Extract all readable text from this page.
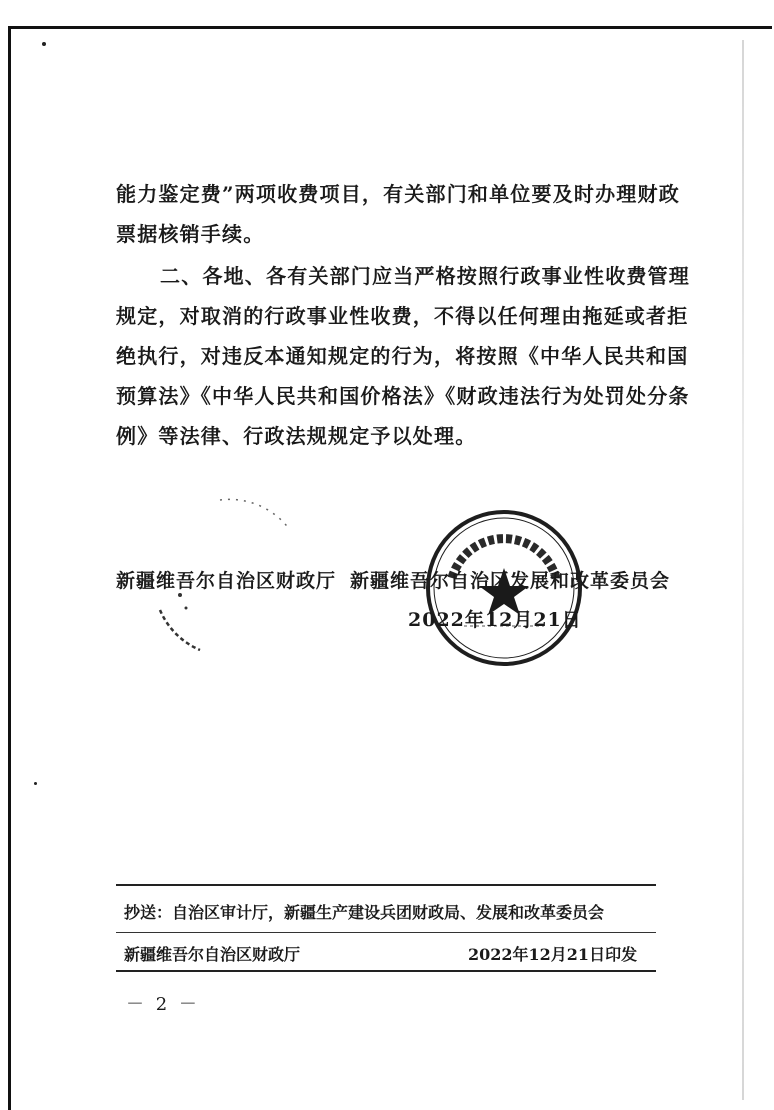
能力鉴定费”两项收费项目，有关部门和单位要及时办理财政
票据核销手续。
二、各地、各有关部门应当严格按照行政事业性收费管理
规定，对取消的行政事业性收费，不得以任何理由拖延或者拒
绝执行，对违反本通知规定的行为，将按照《中华人民共和国
预算法》《中华人民共和国价格法》《财政违法行为处罚处分条
例》等法律、行政法规规定予以处理。
新疆维吾尔自治区财政厅 新疆维吾尔自治区发展和改革委员会
2022年12月21日
抄送：自治区审计厅，新疆生产建设兵团财政局、发展和改革委员会
新疆维吾尔自治区财政厅	2022年12月21日印发
－ 2 －
